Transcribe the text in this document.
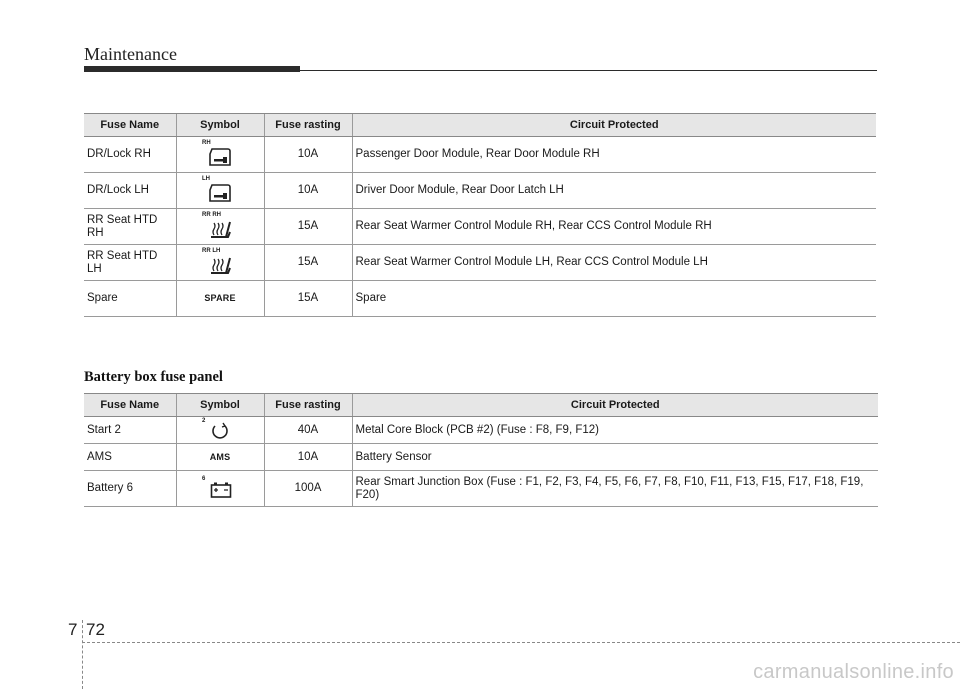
Maintenance
Fuse Name	Symbol	Fuse rasting	Circuit Protected
DR/Lock RH	RH	10A	Passenger Door Module, Rear Door Module RH
DR/Lock LH	LH	10A	Driver Door Module, Rear Door Latch LH
RR Seat HTD RH	RR RH	15A	Rear Seat Warmer Control Module RH, Rear CCS Control Module RH
RR Seat HTD LH	RR LH	15A	Rear Seat Warmer Control Module LH, Rear CCS Control Module LH
Spare	SPARE	15A	Spare
Battery box fuse panel
Fuse Name	Symbol	Fuse rasting	Circuit Protected
Start 2	2	40A	Metal Core Block (PCB #2) (Fuse : F8, F9, F12)
AMS	AMS	10A	Battery Sensor
Battery 6	6	100A	Rear Smart Junction Box (Fuse : F1, F2, F3, F4, F5, F6, F7, F8, F10, F11, F13, F15, F17, F18, F19, F20)
7 72
carmanualsonline.info
